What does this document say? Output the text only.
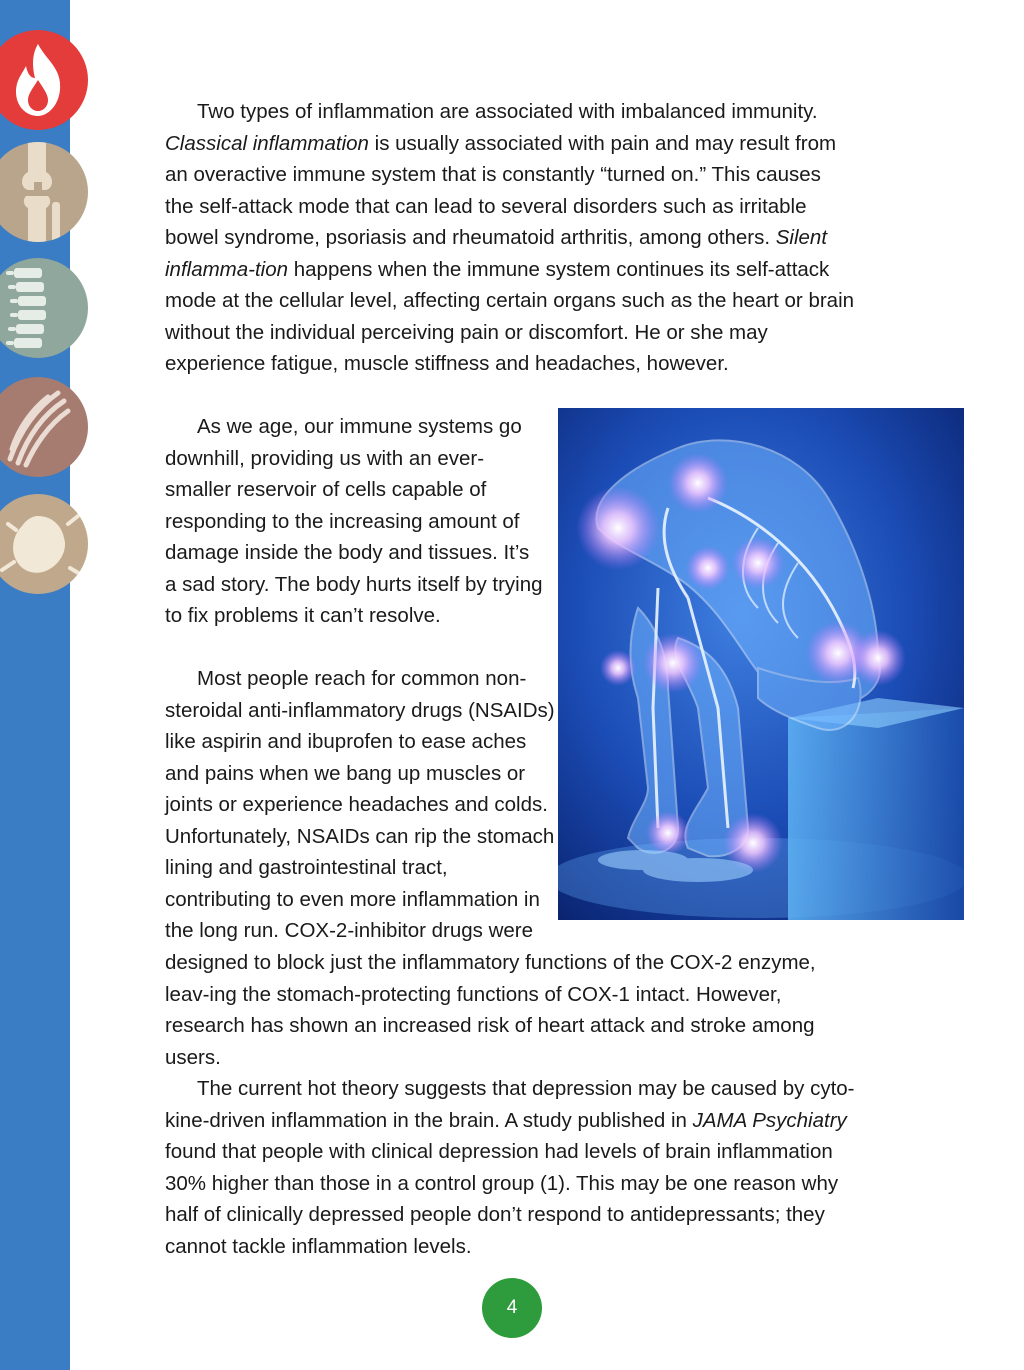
Two types of inflammation are associated with imbalanced immunity. Classical inflammation is usually associated with pain and may result from an overactive immune system that is constantly “turned on.” This causes the self-attack mode that can lead to several disorders such as irritable bowel syndrome, psoriasis and rheumatoid arthritis, among others. Silent inflamma-tion happens when the immune system continues its self-attack mode at the cellular level, affecting certain organs such as the heart or brain without the individual perceiving pain or discomfort. He or she may experience fatigue, muscle stiffness and headaches, however.

As we age, our immune systems go downhill, providing us with an ever-smaller reservoir of cells capable of responding to the increasing amount of damage inside the body and tissues. It’s a sad story. The body hurts itself by trying to fix problems it can’t resolve.

Most people reach for common non-steroidal anti-inflammatory drugs (NSAIDs) like aspirin and ibuprofen to ease aches and pains when we bang up muscles or joints or experience headaches and colds. Unfortunately, NSAIDs can rip the stomach lining and gastrointestinal tract, contributing to even more inflammation in the long run. COX-2-inhibitor drugs were

designed to block just the inflammatory functions of the COX-2 enzyme, leav-ing the stomach-protecting functions of COX-1 intact. However, research has shown an increased risk of heart attack and stroke among users.

The current hot theory suggests that depression may be caused by cyto-kine-driven inflammation in the brain. A study published in JAMA Psychiatry found that people with clinical depression had levels of brain inflammation 30% higher than those in a control group (1). This may be one reason why half of clinically depressed people don’t respond to antidepressants; they cannot tackle inflammation levels.

4
